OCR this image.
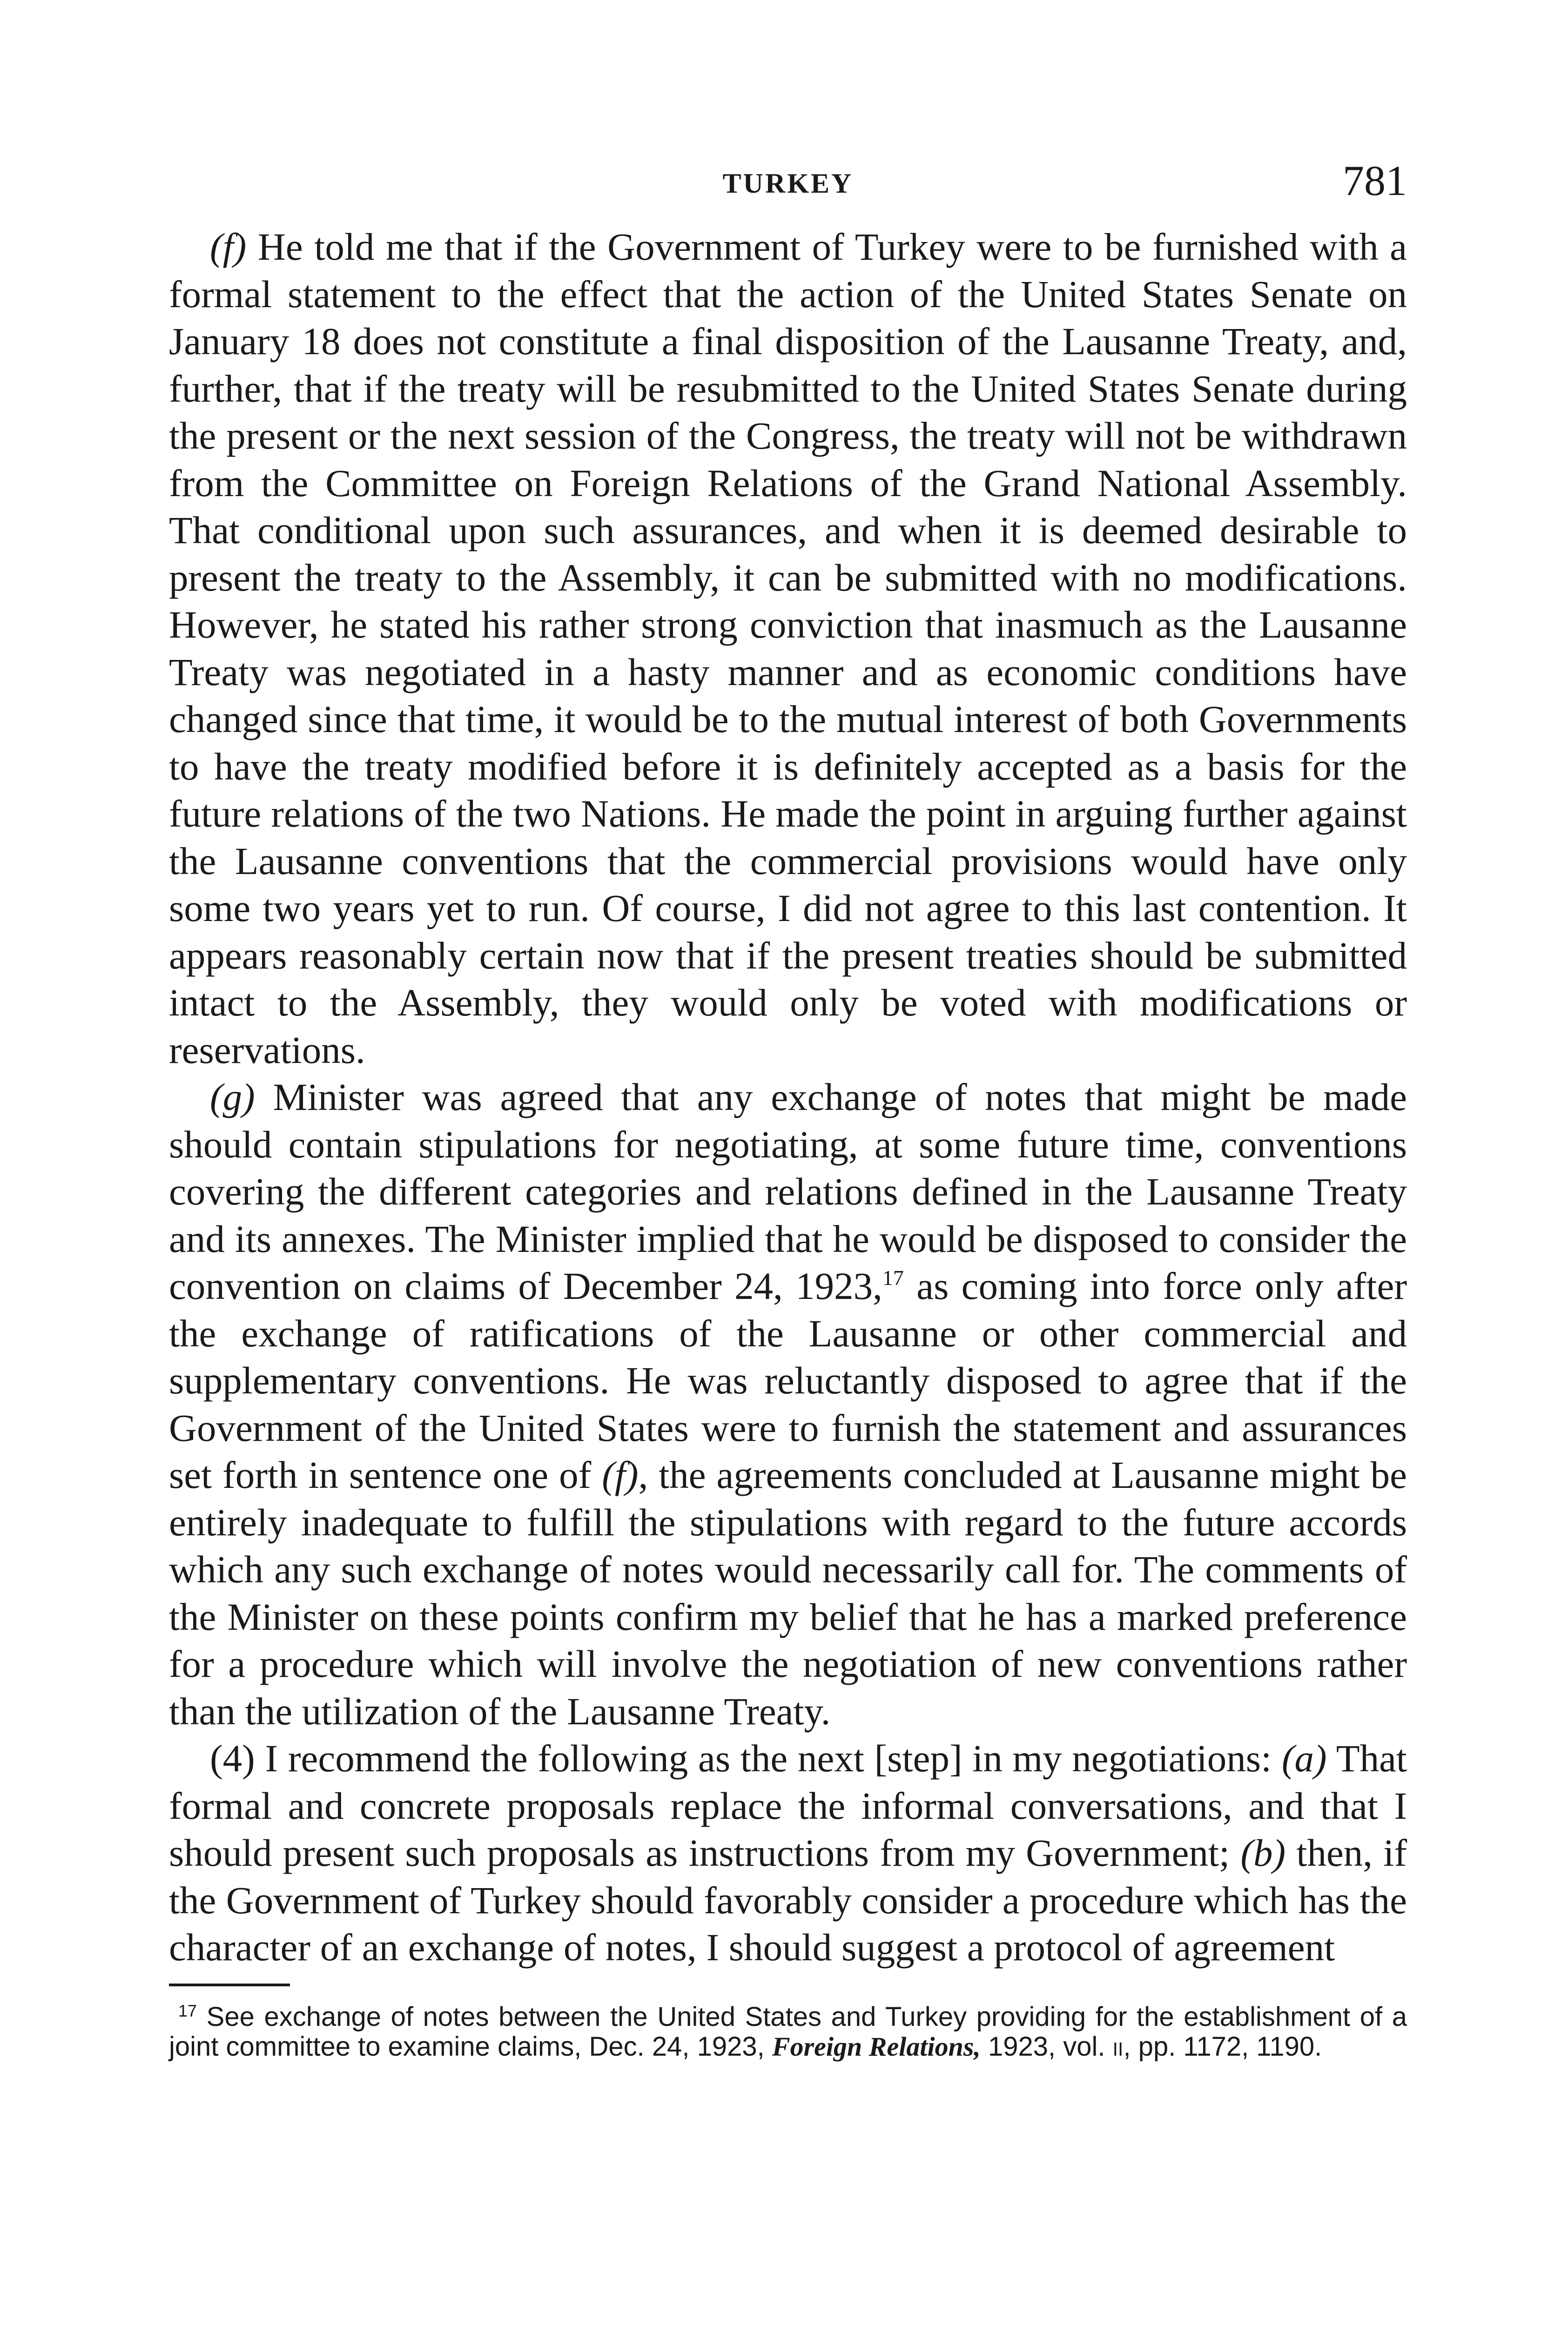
TURKEY	781

(f) He told me that if the Government of Turkey were to be furnished with a formal statement to the effect that the action of the United States Senate on January 18 does not constitute a final disposition of the Lausanne Treaty, and, further, that if the treaty will be resubmitted to the United States Senate during the present or the next session of the Congress, the treaty will not be withdrawn from the Committee on Foreign Relations of the Grand National Assembly. That conditional upon such assurances, and when it is deemed desirable to present the treaty to the Assembly, it can be submitted with no modifications. However, he stated his rather strong conviction that inasmuch as the Lausanne Treaty was negotiated in a hasty manner and as economic conditions have changed since that time, it would be to the mutual interest of both Governments to have the treaty modified before it is definitely accepted as a basis for the future relations of the two Nations. He made the point in arguing further against the Lausanne conventions that the commercial provisions would have only some two years yet to run. Of course, I did not agree to this last contention. It appears reasonably certain now that if the present treaties should be submitted intact to the Assembly, they would only be voted with modifications or reservations.

(g) Minister was agreed that any exchange of notes that might be made should contain stipulations for negotiating, at some future time, conventions covering the different categories and relations defined in the Lausanne Treaty and its annexes. The Minister implied that he would be disposed to consider the convention on claims of December 24, 1923,17 as coming into force only after the exchange of ratifications of the Lausanne or other commercial and supplementary conventions. He was reluctantly disposed to agree that if the Government of the United States were to furnish the statement and assurances set forth in sentence one of (f), the agreements concluded at Lausanne might be entirely inadequate to fulfill the stipulations with regard to the future accords which any such exchange of notes would necessarily call for. The comments of the Minister on these points confirm my belief that he has a marked preference for a procedure which will involve the negotiation of new conventions rather than the utilization of the Lausanne Treaty.

(4) I recommend the following as the next [step] in my negotiations: (a) That formal and concrete proposals replace the informal conversations, and that I should present such proposals as instructions from my Government; (b) then, if the Government of Turkey should favorably consider a procedure which has the character of an exchange of notes, I should suggest a protocol of agreement

$^{17}$ See exchange of notes between the United States and Turkey providing for the establishment of a joint committee to examine claims, Dec. 24, 1923, Foreign Relations, 1923, vol. ii, pp. 1172, 1190.
